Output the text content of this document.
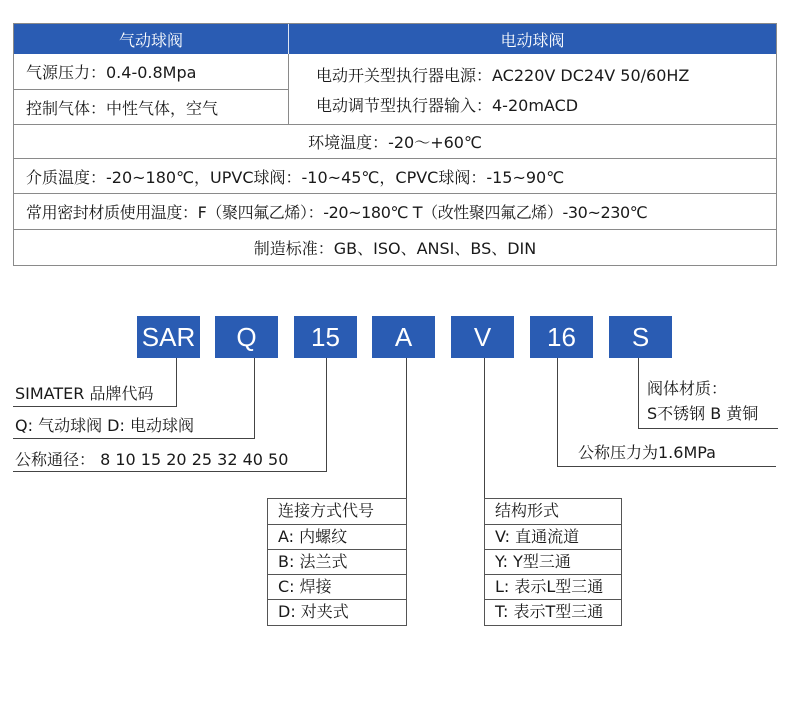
气动球阀	电动球阀
气源压力：0.4-0.8Mpa
控制气体：中性气体，空气
电动开关型执行器电源：AC220V DC24V 50/60HZ
电动调节型执行器输入：4-20mACD
环境温度：-20～+60℃
介质温度：-20~180℃，UPVC球阀：-10~45℃，CPVC球阀：-15~90℃
常用密封材质使用温度：F（聚四氟乙烯）：-20~180℃ T（改性聚四氟乙烯）-30~230℃
制造标准：GB、ISO、ANSI、BS、DIN
SAR	Q	15	A	V	16	S
SIMATER 品牌代码
Q: 气动球阀 D: 电动球阀
公称通径： 8 10 15 20 25 32 40 50
连接方式代号
A: 内螺纹
B: 法兰式
C: 焊接
D: 对夹式
结构形式
V: 直通流道
Y: Y型三通
L: 表示L型三通
T: 表示T型三通
公称压力为1.6MPa
阀体材质：
S不锈钢 B 黄铜
